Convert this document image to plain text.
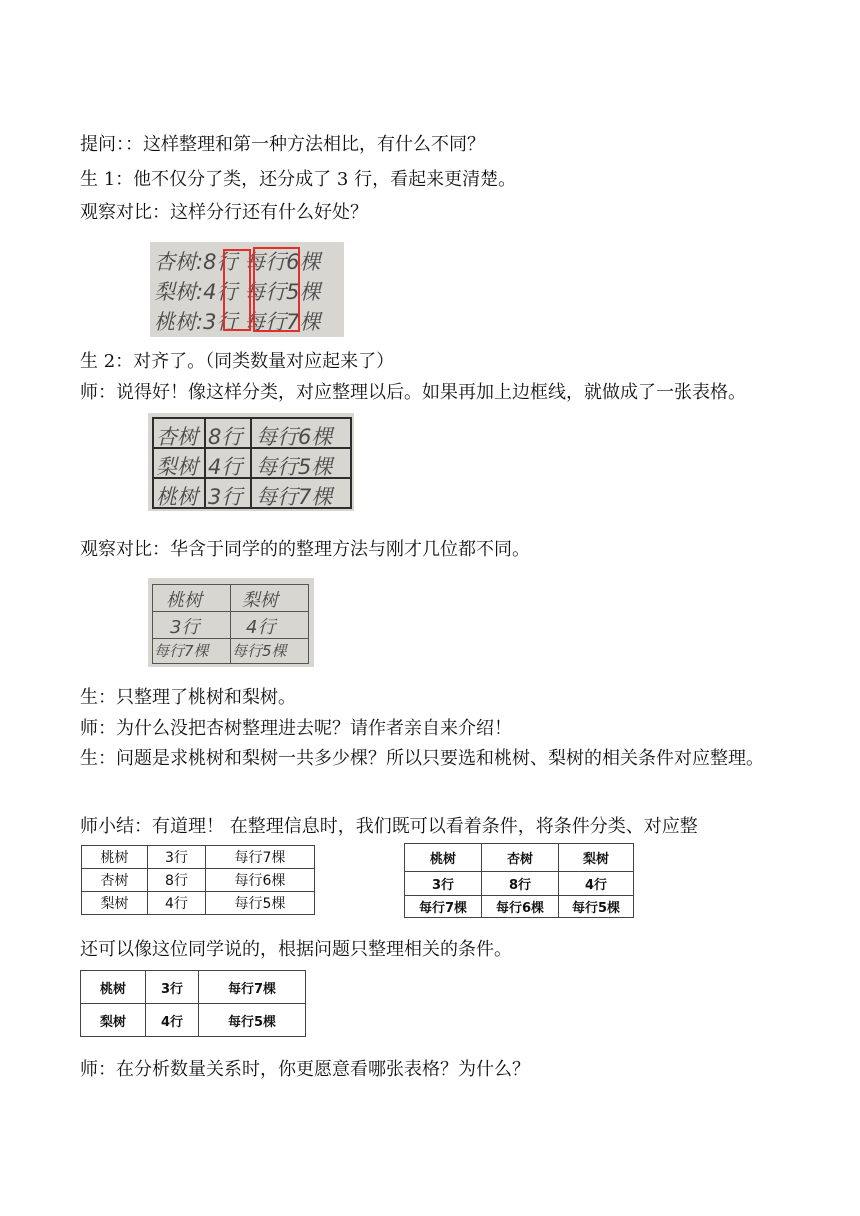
提问：：这样整理和第一种方法相比，有什么不同？
生 1：他不仅分了类，还分成了 3 行，看起来更清楚。
观察对比：这样分行还有什么好处？
杏树:8行 每行6棵
梨树:4行 每行5棵
桃树:3行 每行7棵
生 2：对齐了。（同类数量对应起来了）
师：说得好！像这样分类，对应整理以后。如果再加上边框线，就做成了一张表格。
杏树 8行 每行6棵
梨树 4行 每行5棵
桃树 3行 每行7棵
观察对比：华含于同学的的整理方法与刚才几位都不同。
桃树 梨树
3行	4行
每行7棵 每行5棵
生：只整理了桃树和梨树。
师：为什么没把杏树整理进去呢？请作者亲自来介绍！
生：问题是求桃树和梨树一共多少棵？所以只要选和桃树、梨树的相关条件对应整理。
师小结：有道理！ 在整理信息时，我们既可以看着条件，将条件分类、对应整
桃树	3行	每行7棵
杏树	8行	每行6棵
梨树	4行	每行5棵
桃树	杏树	梨树
3行	8行	4行
每行7棵	每行6棵	每行5棵
还可以像这位同学说的，根据问题只整理相关的条件。
桃树	3行	每行7棵
梨树	4行	每行5棵
师：在分析数量关系时，你更愿意看哪张表格？为什么？
